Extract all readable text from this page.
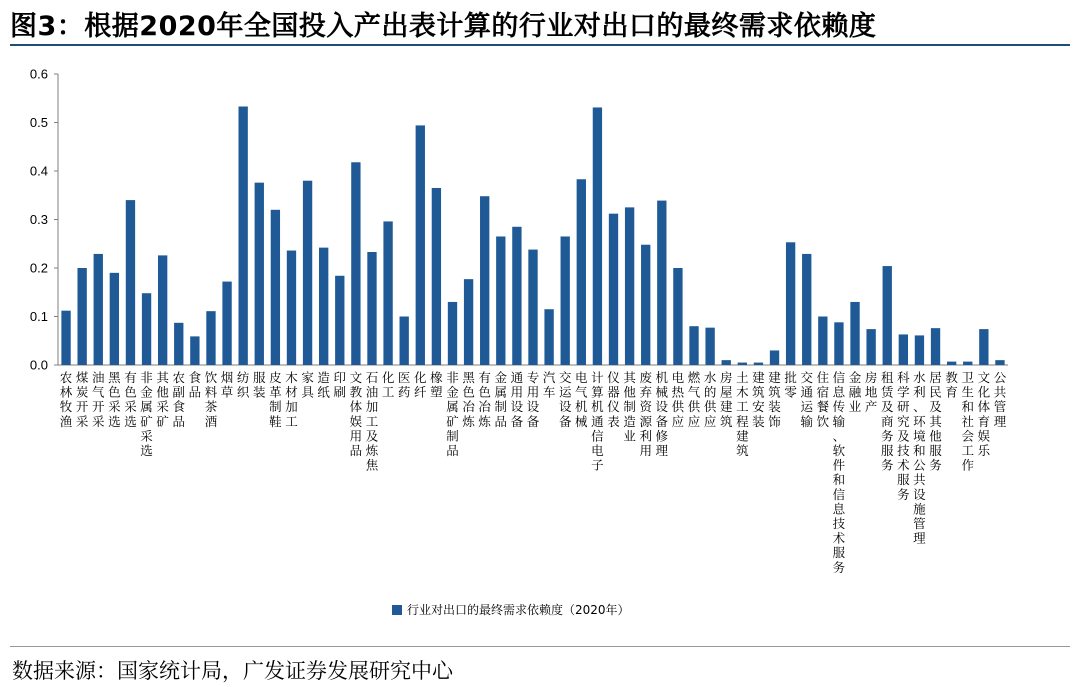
图3：根据2020年全国投入产出表计算的行业对出口的最终需求依赖度
0.0
0.1
0.2
0.3
0.4
0.5
0.6
农林牧渔
煤炭开采
油气开采
黑色采选
有色采选
非金属矿采选
其他采矿
农副食品
食品
饮料茶酒
烟草
纺织
服装
皮革制鞋
木材加工
家具
造纸
印刷
文教体娱用品
石油加工及炼焦
化工
医药
化纤
橡塑
非金属矿制品
黑色冶炼
有色冶炼
金属制品
通用设备
专用设备
汽车
交运设备
电气机械
计算机通信电子
仪器仪表
其他制造业
废弃资源利用
机械设备修理
电热供应
燃气供应
水的供应
房屋建筑
土木工程建筑
建筑安装
建筑装饰
批零
交通运输
住宿餐饮
信息传输、软件和信息技术服务
金融业
房地产
租赁及商务服务
科学研究及技术服务
水利、环境和公共设施管理
居民及其他服务
教育
卫生和社会工作
文化体育娱乐
公共管理
行业对出口的最终需求依赖度（2020年）
数据来源：国家统计局，广发证券发展研究中心
